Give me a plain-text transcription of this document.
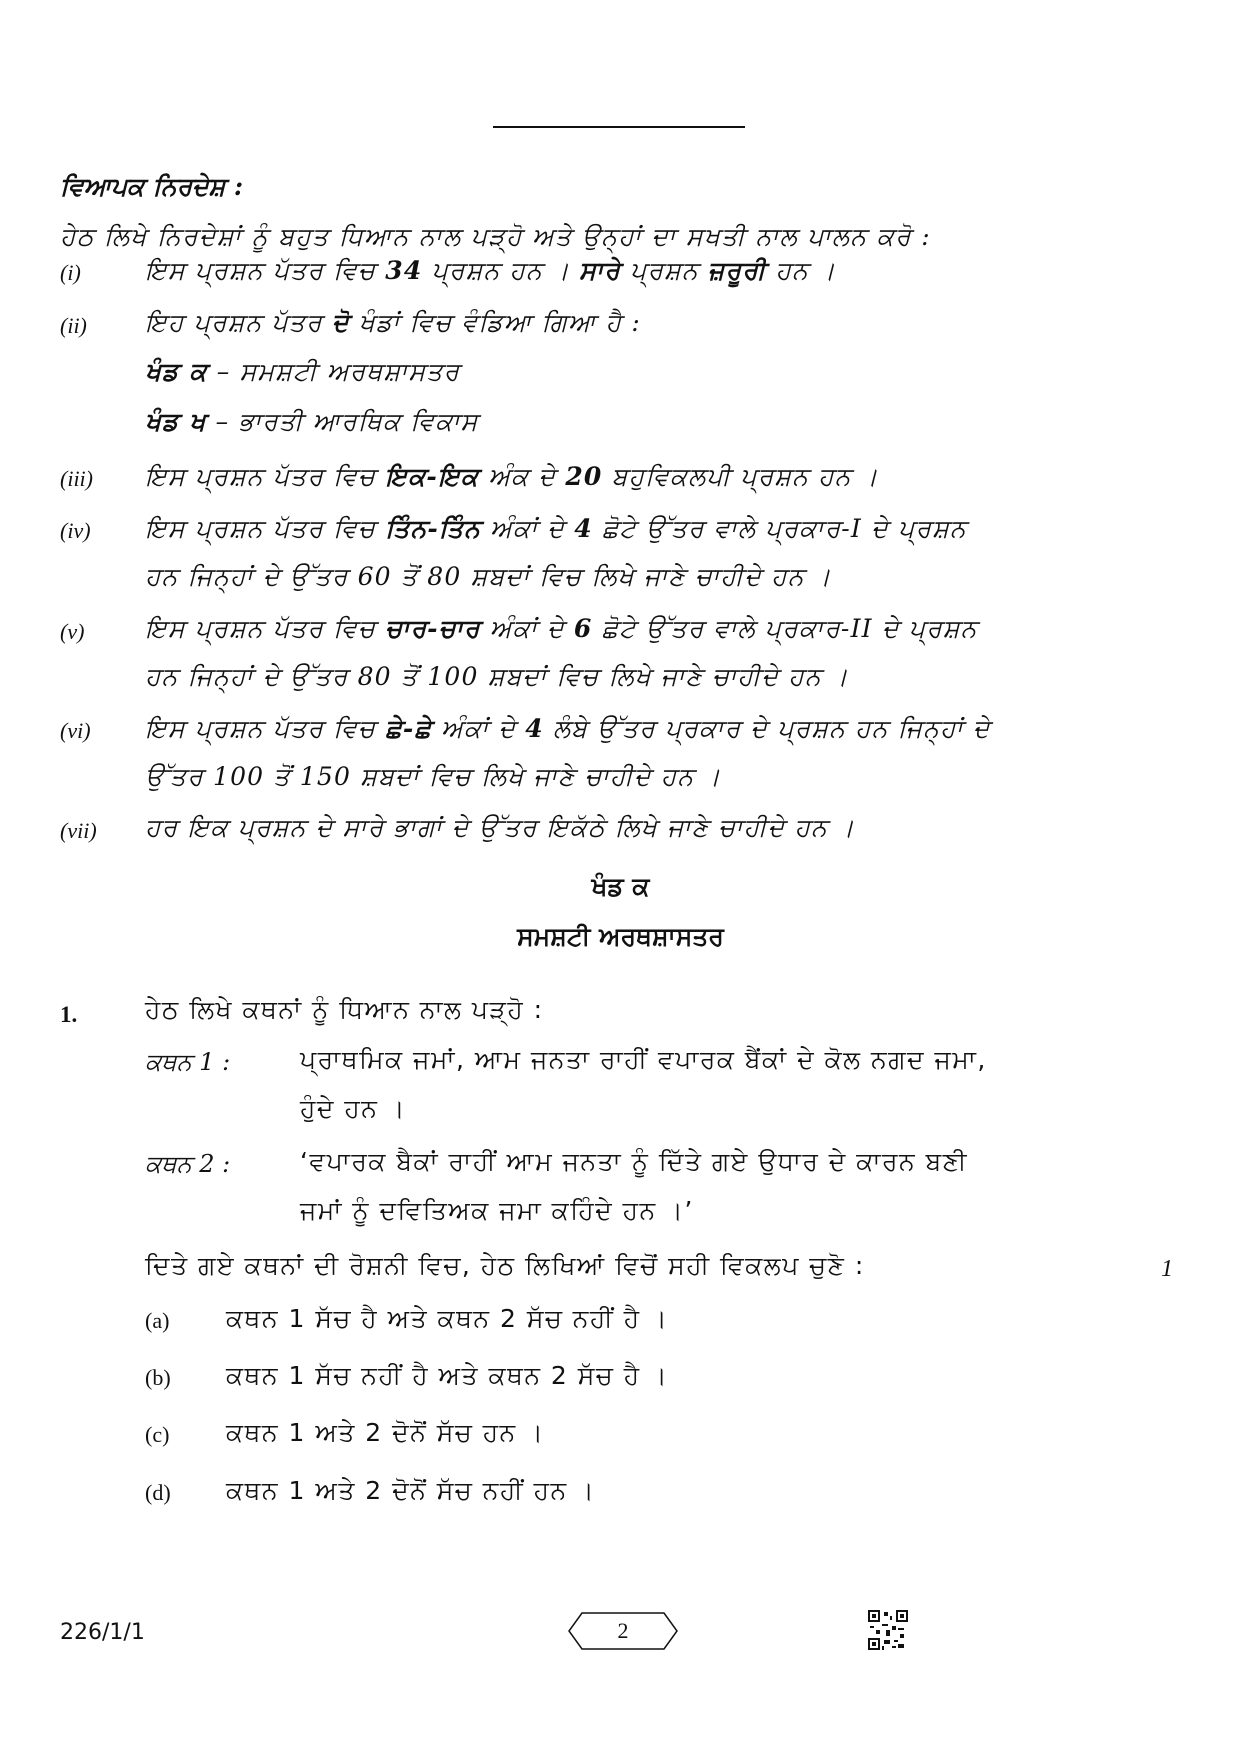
ਵਿਆਪਕ ਨਿਰਦੇਸ਼ :
ਹੇਠ ਲਿਖੇ ਨਿਰਦੇਸ਼ਾਂ ਨੂੰ ਬਹੁਤ ਧਿਆਨ ਨਾਲ ਪੜ੍ਹੋ ਅਤੇ ਉਨ੍ਹਾਂ ਦਾ ਸਖਤੀ ਨਾਲ ਪਾਲਨ ਕਰੋ :
(i)	ਇਸ ਪ੍ਰਸ਼ਨ ਪੱਤਰ ਵਿਚ 34 ਪ੍ਰਸ਼ਨ ਹਨ । ਸਾਰੇ ਪ੍ਰਸ਼ਨ ਜ਼ਰੂਰੀ ਹਨ ।
(ii) ਇਹ ਪ੍ਰਸ਼ਨ ਪੱਤਰ ਦੋ ਖੰਡਾਂ ਵਿਚ ਵੰਡਿਆ ਗਿਆ ਹੈ :
ਖੰਡ ਕ – ਸਮਸ਼ਟੀ ਅਰਥਸ਼ਾਸਤਰ
ਖੰਡ ਖ – ਭਾਰਤੀ ਆਰਥਿਕ ਵਿਕਾਸ
(iii) ਇਸ ਪ੍ਰਸ਼ਨ ਪੱਤਰ ਵਿਚ ਇਕ-ਇਕ ਅੰਕ ਦੇ 20 ਬਹੁਵਿਕਲਪੀ ਪ੍ਰਸ਼ਨ ਹਨ ।
(iv) ਇਸ ਪ੍ਰਸ਼ਨ ਪੱਤਰ ਵਿਚ ਤਿੰਨ-ਤਿੰਨ ਅੰਕਾਂ ਦੇ 4 ਛੋਟੇ ਉੱਤਰ ਵਾਲੇ ਪ੍ਰਕਾਰ-I ਦੇ ਪ੍ਰਸ਼ਨ
ਹਨ ਜਿਨ੍ਹਾਂ ਦੇ ਉੱਤਰ 60 ਤੋਂ 80 ਸ਼ਬਦਾਂ ਵਿਚ ਲਿਖੇ ਜਾਣੇ ਚਾਹੀਦੇ ਹਨ ।
(v) ਇਸ ਪ੍ਰਸ਼ਨ ਪੱਤਰ ਵਿਚ ਚਾਰ-ਚਾਰ ਅੰਕਾਂ ਦੇ 6 ਛੋਟੇ ਉੱਤਰ ਵਾਲੇ ਪ੍ਰਕਾਰ-II ਦੇ ਪ੍ਰਸ਼ਨ
ਹਨ ਜਿਨ੍ਹਾਂ ਦੇ ਉੱਤਰ 80 ਤੋਂ 100 ਸ਼ਬਦਾਂ ਵਿਚ ਲਿਖੇ ਜਾਣੇ ਚਾਹੀਦੇ ਹਨ ।
(vi) ਇਸ ਪ੍ਰਸ਼ਨ ਪੱਤਰ ਵਿਚ ਛੇ-ਛੇ ਅੰਕਾਂ ਦੇ 4 ਲੰਬੇ ਉੱਤਰ ਪ੍ਰਕਾਰ ਦੇ ਪ੍ਰਸ਼ਨ ਹਨ ਜਿਨ੍ਹਾਂ ਦੇ
ਉੱਤਰ 100 ਤੋਂ 150 ਸ਼ਬਦਾਂ ਵਿਚ ਲਿਖੇ ਜਾਣੇ ਚਾਹੀਦੇ ਹਨ ।
(vii) ਹਰ ਇਕ ਪ੍ਰਸ਼ਨ ਦੇ ਸਾਰੇ ਭਾਗਾਂ ਦੇ ਉੱਤਰ ਇਕੱਠੇ ਲਿਖੇ ਜਾਣੇ ਚਾਹੀਦੇ ਹਨ ।
ਖੰਡ ਕ
ਸਮਸ਼ਟੀ ਅਰਥਸ਼ਾਸਤਰ
1.	ਹੇਠ ਲਿਖੇ ਕਥਨਾਂ ਨੂੰ ਧਿਆਨ ਨਾਲ ਪੜ੍ਹੋ :
ਕਥਨ 1 :	ਪ੍ਰਾਥਮਿਕ ਜਮਾਂ, ਆਮ ਜਨਤਾ ਰਾਹੀਂ ਵਪਾਰਕ ਬੈਂਕਾਂ ਦੇ ਕੋਲ ਨਗਦ ਜਮਾ,
ਹੁੰਦੇ ਹਨ ।
ਕਥਨ 2 :	‘ਵਪਾਰਕ ਬੈਕਾਂ ਰਾਹੀਂ ਆਮ ਜਨਤਾ ਨੂੰ ਦਿੱਤੇ ਗਏ ਉਧਾਰ ਦੇ ਕਾਰਨ ਬਣੀ
ਜਮਾਂ ਨੂੰ ਦਵਿਤਿਅਕ ਜਮਾ ਕਹਿੰਦੇ ਹਨ ।’
ਦਿਤੇ ਗਏ ਕਥਨਾਂ ਦੀ ਰੋਸ਼ਨੀ ਵਿਚ, ਹੇਠ ਲਿਖਿਆਂ ਵਿਚੋਂ ਸਹੀ ਵਿਕਲਪ ਚੁਣੋ :	1
(a) ਕਥਨ 1 ਸੱਚ ਹੈ ਅਤੇ ਕਥਨ 2 ਸੱਚ ਨਹੀਂ ਹੈ ।
(b) ਕਥਨ 1 ਸੱਚ ਨਹੀਂ ਹੈ ਅਤੇ ਕਥਨ 2 ਸੱਚ ਹੈ ।
(c) ਕਥਨ 1 ਅਤੇ 2 ਦੋਨੋਂ ਸੱਚ ਹਨ ।
(d) ਕਥਨ 1 ਅਤੇ 2 ਦੋਨੋਂ ਸੱਚ ਨਹੀਂ ਹਨ ।
226/1/1	2
